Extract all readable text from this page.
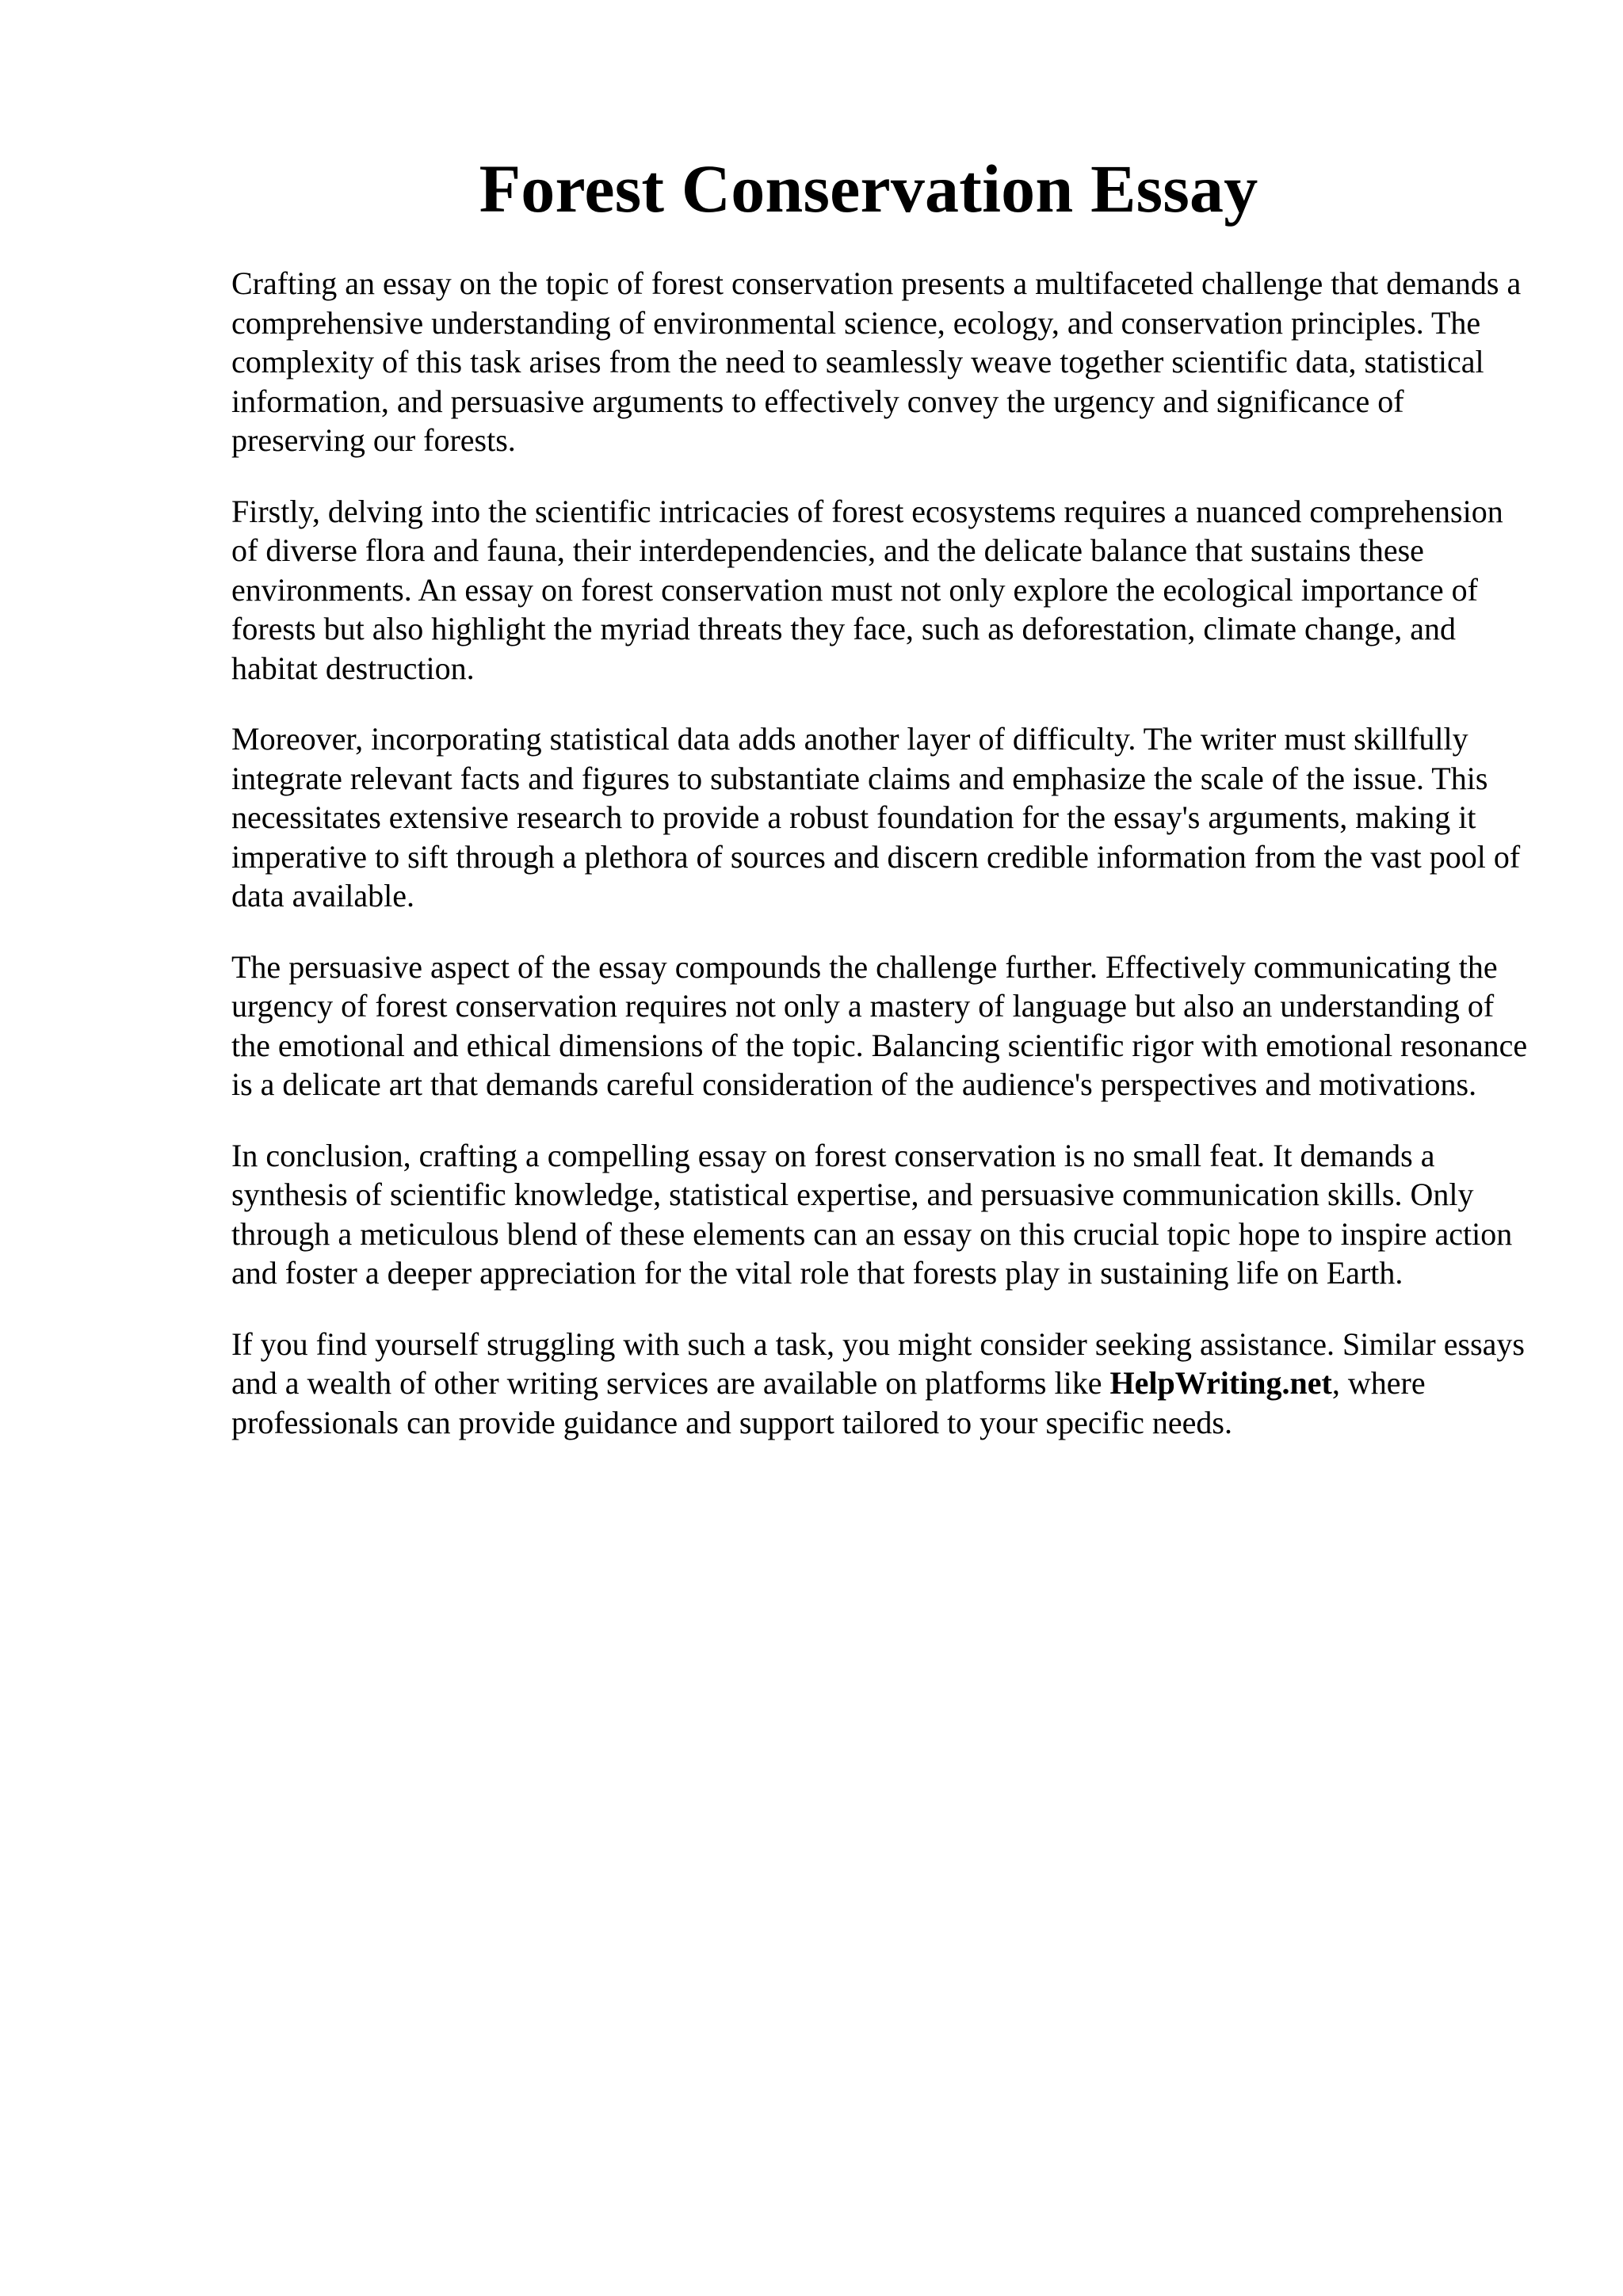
Forest Conservation Essay

Crafting an essay on the topic of forest conservation presents a multifaceted challenge that demands a comprehensive understanding of environmental science, ecology, and conservation principles. The complexity of this task arises from the need to seamlessly weave together scientific data, statistical information, and persuasive arguments to effectively convey the urgency and significance of preserving our forests.

Firstly, delving into the scientific intricacies of forest ecosystems requires a nuanced comprehension of diverse flora and fauna, their interdependencies, and the delicate balance that sustains these environments. An essay on forest conservation must not only explore the ecological importance of forests but also highlight the myriad threats they face, such as deforestation, climate change, and habitat destruction.

Moreover, incorporating statistical data adds another layer of difficulty. The writer must skillfully integrate relevant facts and figures to substantiate claims and emphasize the scale of the issue. This necessitates extensive research to provide a robust foundation for the essay's arguments, making it imperative to sift through a plethora of sources and discern credible information from the vast pool of data available.

The persuasive aspect of the essay compounds the challenge further. Effectively communicating the urgency of forest conservation requires not only a mastery of language but also an understanding of the emotional and ethical dimensions of the topic. Balancing scientific rigor with emotional resonance is a delicate art that demands careful consideration of the audience's perspectives and motivations.

In conclusion, crafting a compelling essay on forest conservation is no small feat. It demands a synthesis of scientific knowledge, statistical expertise, and persuasive communication skills. Only through a meticulous blend of these elements can an essay on this crucial topic hope to inspire action and foster a deeper appreciation for the vital role that forests play in sustaining life on Earth.

If you find yourself struggling with such a task, you might consider seeking assistance. Similar essays and a wealth of other writing services are available on platforms like HelpWriting.net, where professionals can provide guidance and support tailored to your specific needs.
